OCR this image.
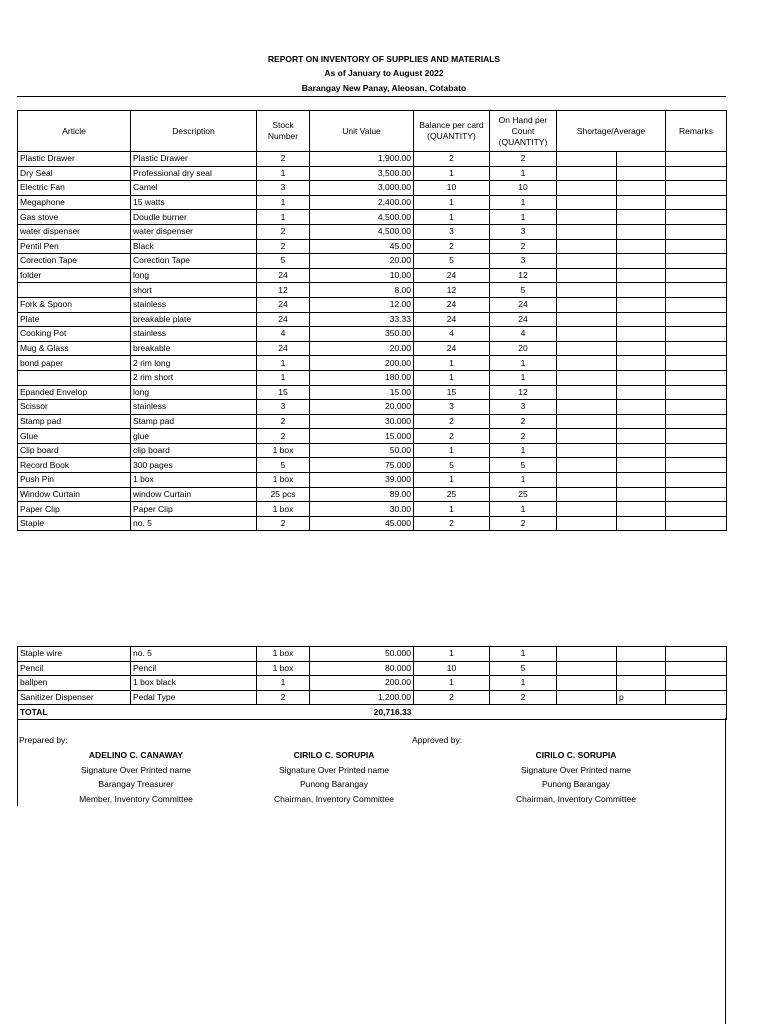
REPORT ON INVENTORY OF SUPPLIES AND MATERIALS
As of January to August 2022
Barangay New Panay, Aleosan, Cotabato
Article	Description	Stock Number	Unit Value	Balance per card (QUANTITY)	On Hand per Count (QUANTITY)	Shortage/Average		Remarks
Plastic Drawer	Plastic Drawer	2	1,900.00	2	2			
Dry Seal	Professional dry seal	1	3,500.00	1	1			
Electric Fan	Camel	3	3,000.00	10	10			
Megaphone	15 watts	1	2,400.00	1	1			
Gas stove	Doudle burner	1	4,500.00	1	1			
water dispenser	water dispenser	2	4,500.00	3	3			
Pentil Pen	Black	2	45.00	2	2			
Corection Tape	Corection Tape	5	20.00	5	3			
folder	long	24	10.00	24	12			
	short	12	8.00	12	5			
Fork & Spoon	stainless	24	12.00	24	24			
Plate	breakable plate	24	33.33	24	24			
Cooking Pot	stainless	4	350.00	4	4			
Mug & Glass	breakable	24	20.00	24	20			
bond paper	2 rim long	1	200.00	1	1			
	2 rim short	1	180.00	1	1			
Epanded Envelop	long	15	15.00	15	12			
Scissor	stainless	3	20.000	3	3			
Stamp pad	Stamp pad	2	30.000	2	2			
Glue	glue	2	15.000	2	2			
Clip board	clip board	1 box	50.00	1	1			
Record Book	300 pages	5	75.000	5	5			
Push Pin	1 box	1 box	39.000	1	1			
Window Curtain	window Curtain	25 pcs	89.00	25	25			
Paper Clip	Paper Clip	1 box	30.00	1	1			
Staple	no. 5	2	45.000	2	2			
Staple wire	no. 5	1 box	50.000	1	1			
Pencil	Pencil	1 box	80.000	10	5			
ballpen	1 box black	1	200.00	1	1			
Sanitizer Dispenser	Pedal Type	2	1,200.00	2	2		p	
TOTAL			20,716.33					
Prepared by:	Approved by:
ADELINO C. CANAWAY
Signature Over Printed name
Barangay Treasurer
Member, Inventory Committee
CIRILO C. SORUPIA
Signature Over Printed name
Punong Barangay
Chairman, Inventory Committee
CIRILO C. SORUPIA
Signature Over Printed name
Punong Barangay
Chairman, Inventory Committee
